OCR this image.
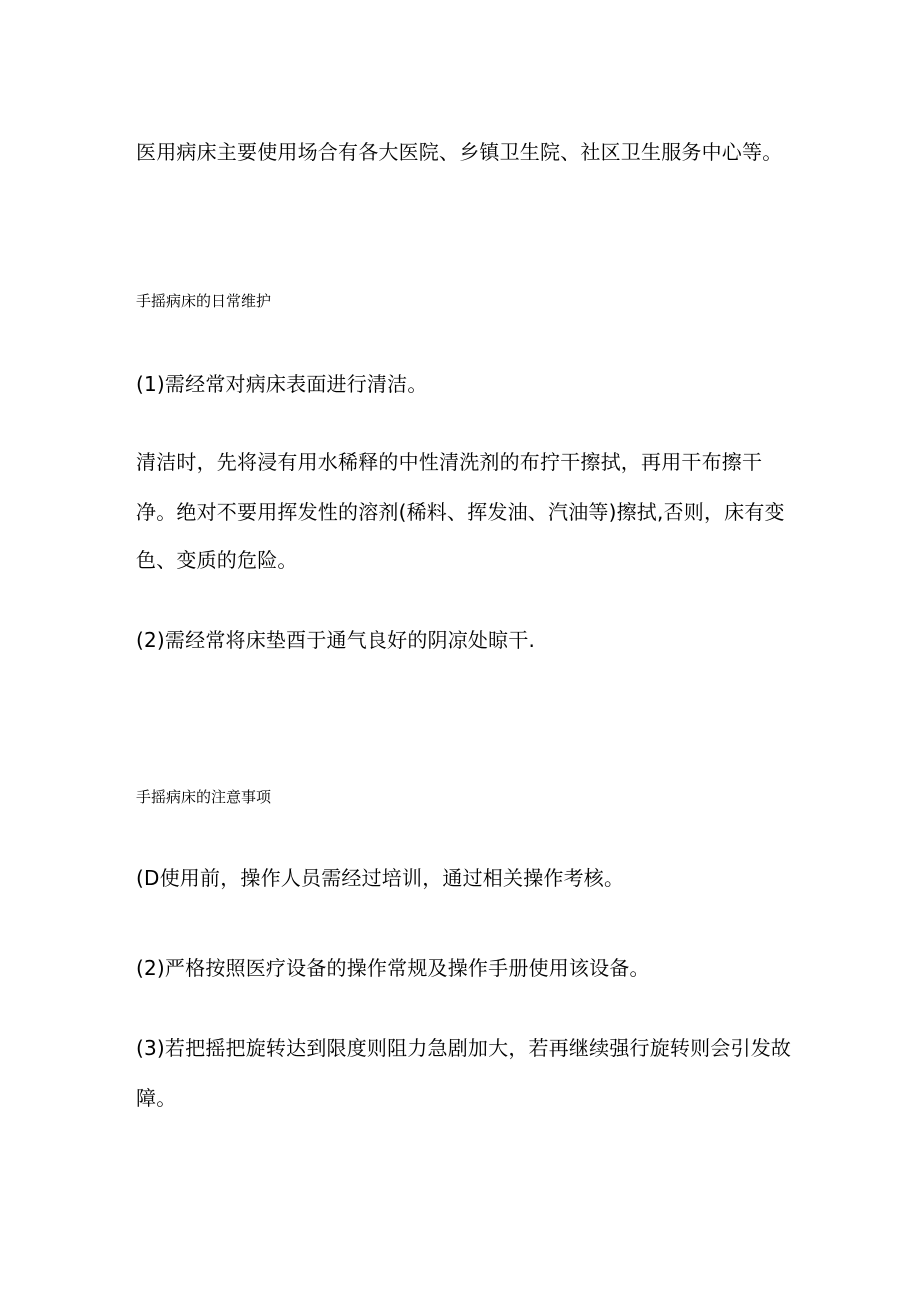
医用病床主要使用场合有各大医院、乡镇卫生院、社区卫生服务中心等。

手摇病床的日常维护

(1)需经常对病床表面进行清洁。

清洁时，先将浸有用水稀释的中性清洗剂的布拧干擦拭，再用干布擦干

净。绝对不要用挥发性的溶剂(稀料、挥发油、汽油等)擦拭,否则，床有变

色、变质的危险。

(2)需经常将床垫酉于通气良好的阴凉处晾干.

手摇病床的注意事项

(D使用前，操作人员需经过培训，通过相关操作考核。

(2)严格按照医疗设备的操作常规及操作手册使用该设备。

(3)若把摇把旋转达到限度则阻力急剧加大，若再继续强行旋转则会引发故

障。
